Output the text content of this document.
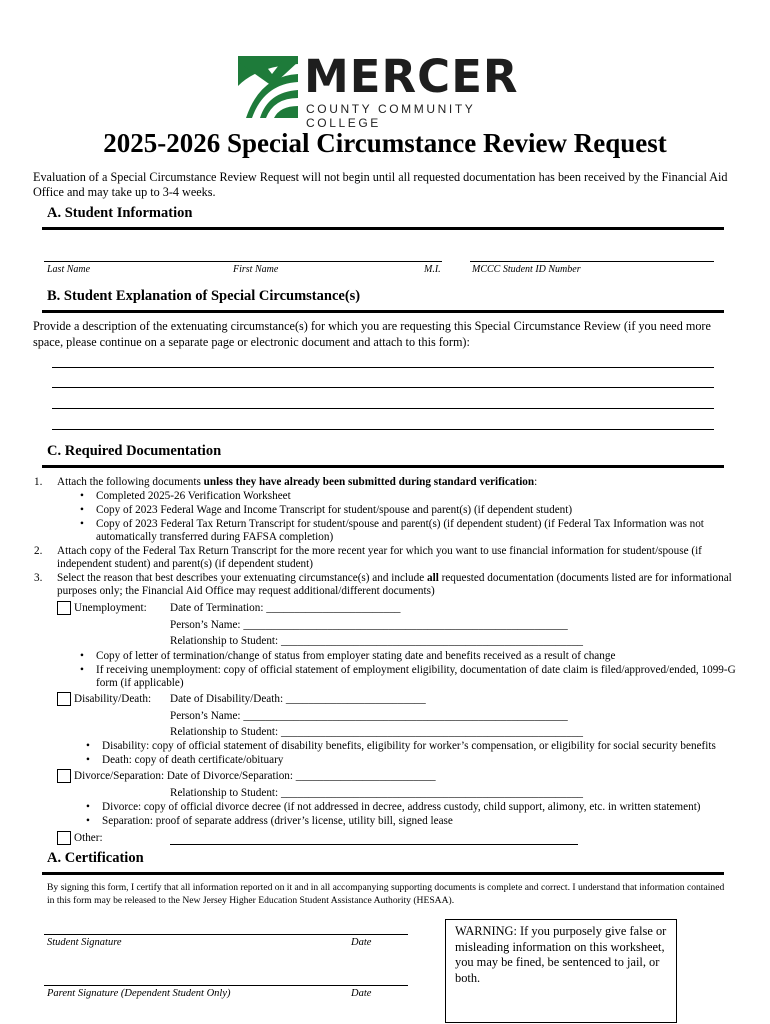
MERCER
COUNTY COMMUNITY COLLEGE
2025-2026 Special Circumstance Review Request
Evaluation of a Special Circumstance Review Request will not begin until all requested documentation has been received by the Financial Aid Office and may take up to 3-4 weeks.
A. Student Information
Last Name	First Name	M.I.	MCCC Student ID Number
B. Student Explanation of Special Circumstance(s)
Provide a description of the extenuating circumstance(s) for which you are requesting this Special Circumstance Review (if you need more space, please continue on a separate page or electronic document and attach to this form):
C. Required Documentation
1. Attach the following documents unless they have already been submitted during standard verification:
• Completed 2025-26 Verification Worksheet
• Copy of 2023 Federal Wage and Income Transcript for student/spouse and parent(s) (if dependent student)
• Copy of 2023 Federal Tax Return Transcript for student/spouse and parent(s) (if dependent student) (if Federal Tax Information was not
automatically transferred during FAFSA completion)
2. Attach copy of the Federal Tax Return Transcript for the more recent year for which you want to use financial information for student/spouse (if
independent student) and parent(s) (if dependent student)
3. Select the reason that best describes your extenuating circumstance(s) and include all requested documentation (documents listed are for informational
purposes only; the Financial Aid Office may request additional/different documents)
Unemployment: Date of Termination: ________________________
Person’s Name: __________________________________________________________
Relationship to Student: ______________________________________________________
• Copy of letter of termination/change of status from employer stating date and benefits received as a result of change
• If receiving unemployment: copy of official statement of employment eligibility, documentation of date claim is filed/approved/ended, 1099-G
form (if applicable)
Disability/Death: Date of Disability/Death: _________________________
Person’s Name: __________________________________________________________
Relationship to Student: ______________________________________________________
• Disability: copy of official statement of disability benefits, eligibility for worker’s compensation, or eligibility for social security benefits
• Death: copy of death certificate/obituary
Divorce/Separation: Date of Divorce/Separation: _________________________
Relationship to Student: ______________________________________________________
• Divorce: copy of official divorce decree (if not addressed in decree, address custody, child support, alimony, etc. in written statement)
• Separation: proof of separate address (driver’s license, utility bill, signed lease
Other:
A. Certification
By signing this form, I certify that all information reported on it and in all accompanying supporting documents is complete and correct. I understand that information contained in this form may be released to the New Jersey Higher Education Student Assistance Authority (HESAA).
Student Signature	Date
Parent Signature (Dependent Student Only)	Date
WARNING: If you purposely give false or misleading information on this worksheet, you may be fined, be sentenced to jail, or both.
